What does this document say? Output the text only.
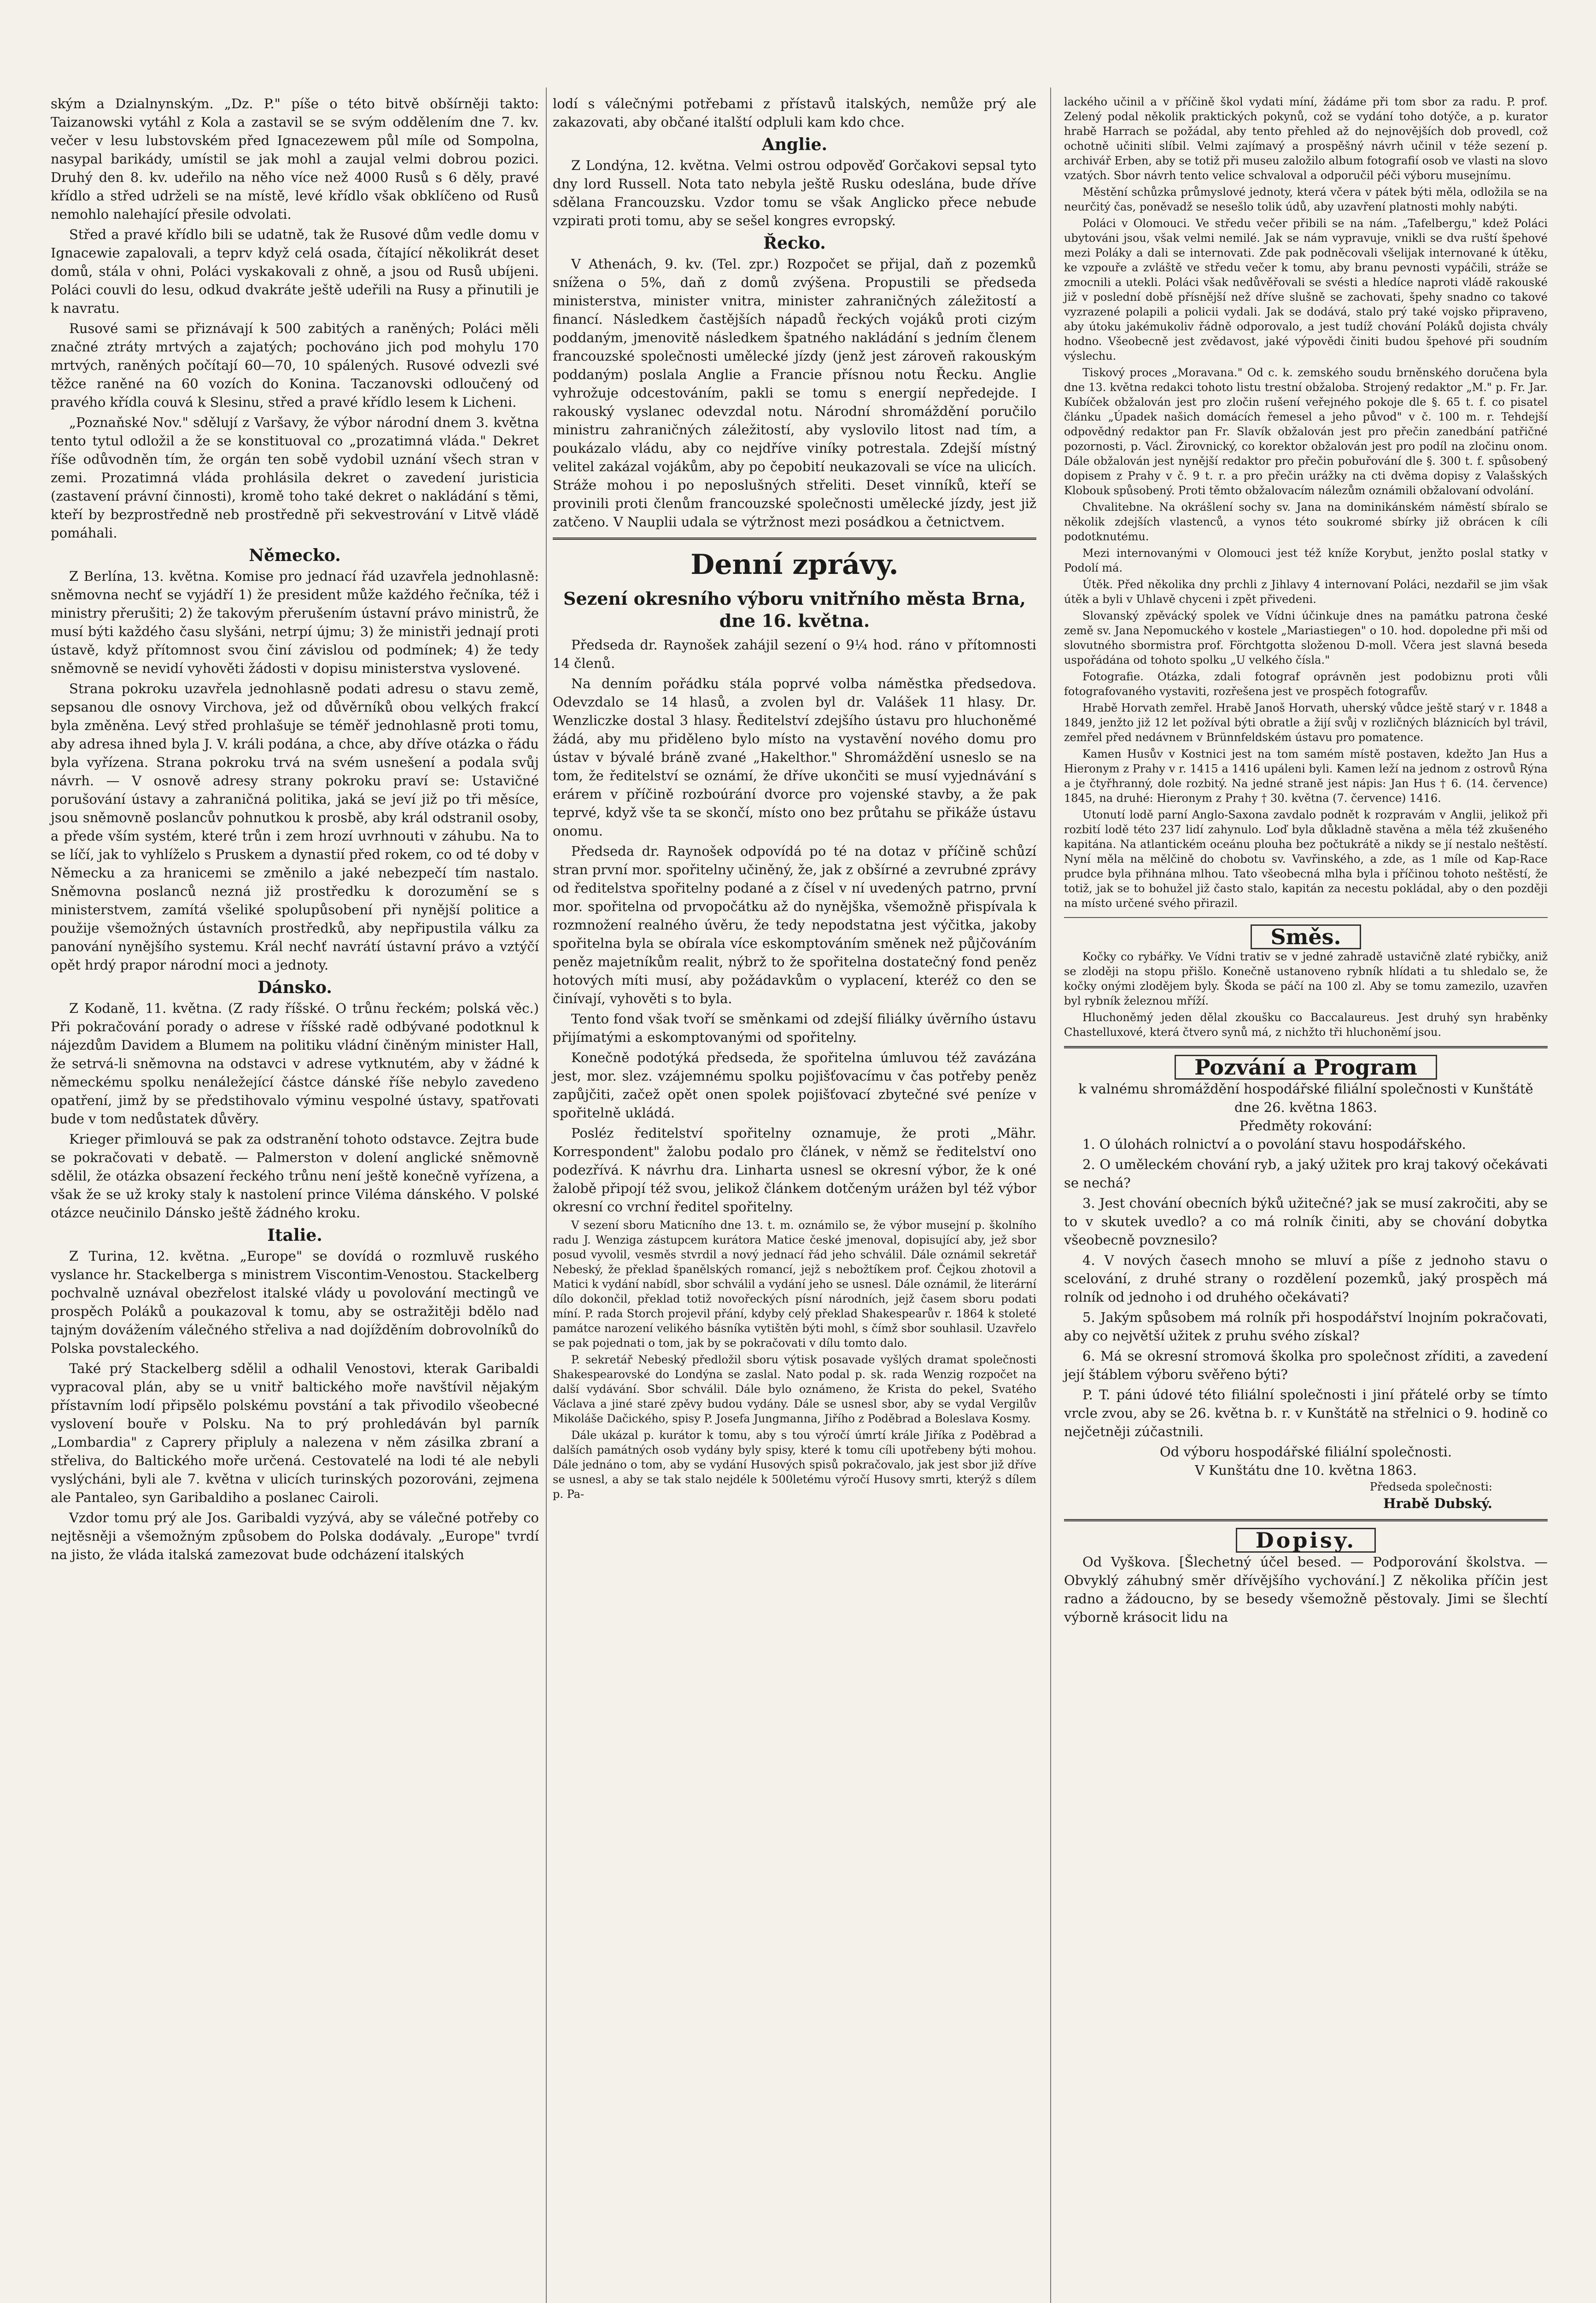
ským a Dzialnynským. „Dz. P." píše o této bitvě obšírněji takto: Taizanowski vytáhl z Kola a zastavil se se svým oddělením dne 7. kv. večer v lesu lubstovském před Ignacezewem půl míle od Sompolna, nasypal barikády, umístil se jak mohl a zaujal velmi dobrou pozici. Druhý den 8. kv. udeřilo na něho více než 4000 Rusů s 6 děly, pravé křídlo a střed udrželi se na místě, levé křídlo však obklíčeno od Rusů nemohlo nalehající přesile odvolati.

Střed a pravé křídlo bili se udatně, tak že Rusové dům vedle domu v Ignacewie zapalovali, a teprv když celá osada, čítající několikrát deset domů, stála v ohni, Poláci vyskakovali z ohně, a jsou od Rusů ubíjeni. Poláci couvli do lesu, odkud dvakráte ještě udeřili na Rusy a přinutili je k navratu.

Rusové sami se přiznávají k 500 zabitých a raněných; Poláci měli značné ztráty mrtvých a zajatých; pochováno jich pod mohylu 170 mrtvých, raněných počítají 60—70, 10 spálených. Rusové odvezli své těžce raněné na 60 vozích do Konina. Taczanovski odloučený od pravého křídla couvá k Slesinu, střed a pravé křídlo lesem k Licheni.

„Poznaňské Nov." sdělují z Varšavy, že výbor národní dnem 3. května tento tytul odložil a že se konstituoval co „prozatimná vláda." Dekret říše odůvodněn tím, že orgán ten sobě vydobil uznání všech stran v zemi. Prozatimná vláda prohlásila dekret o zavedení juristicia (zastavení právní činnosti), kromě toho také dekret o nakládání s těmi, kteří by bezprostředně neb prostředně při sekvestrování v Litvě vládě pomáhali.

Německo.

Z Berlína, 13. května. Komise pro jednací řád uzavřela jednohlasně: sněmovna nechť se vyjádří 1) že president může každého řečníka, též i ministry přerušiti; 2) že takovým přerušením ústavní právo ministrů, že musí býti každého času slyšáni, netrpí újmu; 3) že ministři jednají proti ústavě, když přítomnost svou činí závislou od podmínek; 4) že tedy sněmovně se nevidí vyhověti žádosti v dopisu ministerstva vyslovené.

Strana pokroku uzavřela jednohlasně podati adresu o stavu země, sepsanou dle osnovy Virchova, jež od důvěrníků obou velkých frakcí byla změněna. Levý střed prohlašuje se téměř jednohlasně proti tomu, aby adresa ihned byla J. V. králi podána, a chce, aby dříve otázka o řádu byla vyřízena. Strana pokroku trvá na svém usnešení a podala svůj návrh. — V osnově adresy strany pokroku praví se: Ustavičné porušování ústavy a zahraničná politika, jaká se jeví již po tři měsíce, jsou sněmovně poslancův pohnutkou k prosbě, aby král odstranil osoby, a přede vším systém, které trůn i zem hrozí uvrhnouti v záhubu. Na to se líčí, jak to vyhlíželo s Pruskem a dynastií před rokem, co od té doby v Německu a za hranicemi se změnilo a jaké nebezpečí tím nastalo. Sněmovna poslanců nezná již prostředku k dorozumění se s ministerstvem, zamítá všeliké spolupůsobení při nynější politice a použije všemožných ústavních prostředků, aby nepřipustila válku za panování nynějšího systemu. Král nechť navrátí ústavní právo a vztýčí opět hrdý prapor národní moci a jednoty.

Dánsko.

Z Kodaně, 11. května. (Z rady říšské. O trůnu řeckém; polská věc.) Při pokračování porady o adrese v říšské radě odbývané podotknul k nájezdům Davidem a Blumem na politiku vládní činěným minister Hall, že setrvá-li sněmovna na odstavci v adrese vytknutém, aby v žádné k německému spolku nenáležející částce dánské říše nebylo zavedeno opatření, jimž by se předstihovalo výminu vespolné ústavy, spatřovati bude v tom nedůstatek důvěry.

Krieger přimlouvá se pak za odstranění tohoto odstavce. Zejtra bude se pokračovati v debatě. — Palmerston v dolení anglické sněmovně sdělil, že otázka obsazení řeckého trůnu není ještě konečně vyřízena, a však že se už kroky staly k nastolení prince Viléma dánského. V polské otázce neučinilo Dánsko ještě žádného kroku.

Italie.

Z Turina, 12. května. „Europe" se dovídá o rozmluvě ruského vyslance hr. Stackelberga s ministrem Viscontim-Venostou. Stackelberg pochvalně uznával obezřelost italské vlády u povolování mectingů ve prospěch Poláků a poukazoval k tomu, aby se ostražitěji bdělo nad tajným dovážením válečného střeliva a nad dojížděním dobrovolníků do Polska povstaleckého.

Také prý Stackelberg sdělil a odhalil Venostovi, kterak Garibaldi vypracoval plán, aby se u vnitř baltického moře navštívil nějakým přístavním lodí připsělo polskému povstání a tak přivodilo všeobecné vyslovení bouře v Polsku. Na to prý prohledáván byl parník „Lombardia" z Caprery připluly a nalezena v něm zásilka zbraní a střeliva, do Baltického moře určená. Cestovatelé na lodi té ale nebyli vyslýcháni, byli ale 7. května v ulicích turinských pozorováni, zejmena ale Pantaleo, syn Garibaldiho a poslanec Cairoli.

Vzdor tomu prý ale Jos. Garibaldi vyzývá, aby se válečné potřeby co nejtěsněji a všemožným způsobem do Polska dodávaly. „Europe" tvrdí na jisto, že vláda italská zamezovat bude odcházení italských

lodí s válečnými potřebami z přístavů italských, nemůže prý ale zakazovati, aby občané italští odpluli kam kdo chce.

Anglie.

Z Londýna, 12. května. Velmi ostrou odpověď Gorčakovi sepsal tyto dny lord Russell. Nota tato nebyla ještě Rusku odeslána, bude dříve sdělana Francouzsku. Vzdor tomu se však Anglicko přece nebude vzpirati proti tomu, aby se sešel kongres evropský.

Řecko.

V Athenách, 9. kv. (Tel. zpr.) Rozpočet se přijal, daň z pozemků snížena o 5%, daň z domů zvýšena. Propustili se předseda ministerstva, minister vnitra, minister zahraničných záležitostí a financí. Následkem častějších nápadů řeckých vojáků proti cizým poddaným, jmenovitě následkem špatného nakládání s jedním členem francouzské společnosti umělecké jízdy (jenž jest zároveň rakouským poddaným) poslala Anglie a Francie přísnou notu Řecku. Anglie vyhrožuje odcestováním, pakli se tomu s energií nepředejde. I rakouský vyslanec odevzdal notu. Národní shromáždění poručilo ministru zahraničných záležitostí, aby vyslovilo litost nad tím, a poukázalo vládu, aby co nejdříve viníky potrestala. Zdejší místný velitel zakázal vojákům, aby po čepobití neukazovali se více na ulicích. Stráže mohou i po neposlušných střeliti. Deset vinníků, kteří se provinili proti členům francouzské společnosti umělecké jízdy, jest již zatčeno. V Nauplii udala se výtržnost mezi posádkou a četnictvem.

Denní zprávy.
Sezení okresního výboru vnitřního města Brna, dne 16. května.

Předseda dr. Raynošek zahájil sezení o 9¼ hod. ráno v přítomnosti 14 členů.

Na denním pořádku stála poprvé volba náměstka předsedova. Odevzdalo se 14 hlasů, a zvolen byl dr. Valášek 11 hlasy. Dr. Wenzliczke dostal 3 hlasy. Ředitelství zdejšího ústavu pro hluchoněmé žádá, aby mu přiděleno bylo místo na vystavění nového domu pro ústav v bývalé bráně zvané „Hakelthor." Shromáždění usneslo se na tom, že ředitelství se oznámí, že dříve ukončiti se musí vyjednávání s erárem v příčině rozboúrání dvorce pro vojenské stavby, a že pak teprvé, když vše ta se skončí, místo ono bez průtahu se přikáže ústavu onomu.

Předseda dr. Raynošek odpovídá po té na dotaz v příčině schůzí stran první mor. spořitelny učiněný, že, jak z obšírné a zevrubné zprávy od ředitelstva spořitelny podané a z čísel v ní uvedených patrno, první mor. spořitelna od prvopočátku až do nynějška, všemožně přispívala k rozmnožení realného úvěru, že tedy nepodstatna jest výčitka, jakoby spořitelna byla se obírala více eskomptováním směnek než půjčováním peněz majetníkům realit, nýbrž to že spořitelna dostatečný fond peněz hotových míti musí, aby požádavkům o vyplacení, kteréž co den se činívají, vyhověti s to byla.

Tento fond však tvoří se směnkami od zdejší filiálky úvěrního ústavu přijímatými a eskomptovanými od spořitelny.

Konečně podotýká předseda, že spořitelna úmluvou též zavázána jest, mor. slez. vzájemnému spolku pojišťovacímu v čas potřeby peněz zapůjčiti, začež opět onen spolek pojišťovací zbytečné své peníze v spořitelně ukládá.

Posléz ředitelství spořitelny oznamuje, že proti „Mähr. Korrespondent" žalobu podalo pro článek, v němž se ředitelství ono podezřívá. K návrhu dra. Linharta usnesl se okresní výbor, že k oné žalobě připojí též svou, jelikož článkem dotčeným urážen byl též výbor okresní co vrchní ředitel spořitelny.

V sezení sboru Maticního dne 13. t. m. oznámilo se, že výbor musejní p. školního radu J. Wenziga zástupcem kurátora Matice české jmenoval, dopisující aby, jež sbor posud vyvolil, vesměs stvrdil a nový jednací řád jeho schválil. Dále oznámil sekretář Nebeský, že překlad španělských romancí, jejž s nebožtíkem prof. Čejkou zhotovil a Matici k vydání nabídl, sbor schválil a vydání jeho se usnesl. Dále oznámil, že literární dílo dokončil, překlad totiž novořeckých písní národních, jejž časem sboru podati míní. P. rada Storch projevil přání, kdyby celý překlad Shakespearův r. 1864 k stoleté památce narození velikého básníka vytištěn býti mohl, s čímž sbor souhlasil. Uzavřelo se pak pojednati o tom, jak by se pokračovati v dílu tomto dalo.

P. sekretář Nebeský předložil sboru výtisk posavade vyšlých dramat společnosti Shakespearovské do Londýna se zaslal. Nato podal p. sk. rada Wenzig rozpočet na další vydávání. Sbor schválil. Dále bylo oznámeno, že Krista do pekel, Svatého Václava a jiné staré zpěvy budou vydány. Dále se usnesl sbor, aby se vydal Vergilův Mikoláše Dačického, spisy P. Josefa Jungmanna, Jiřího z Poděbrad a Boleslava Kosmy.

Dále ukázal p. kurátor k tomu, aby s tou výročí úmrtí krále Jiříka z Poděbrad a dalších památných osob vydány byly spisy, které k tomu cíli upotřebeny býti mohou. Dále jednáno o tom, aby se vydání Husových spisů pokračovalo, jak jest sbor již dříve se usnesl, a aby se tak stalo nejdéle k 500letému výročí Husovy smrti, kterýž s dílem p. Pa-

lackého učinil a v příčině škol vydati míní, žádáme při tom sbor za radu. P. prof. Zelený podal několik praktických pokynů, což se vydání toho dotýče, a p. kurator hrabě Harrach se požádal, aby tento přehled až do nejnovějších dob provedl, což ochotně učiniti slíbil. Velmi zajímavý a prospěšný návrh učinil v téže sezení p. archivář Erben, aby se totiž při museu založilo album fotografií osob ve vlasti na slovo vzatých. Sbor návrh tento velice schvaloval a odporučil péči výboru musejnímu.

Městění schůzka průmyslové jednoty, která včera v pátek býti měla, odložila se na neurčitý čas, poněvadž se nesešlo tolik údů, aby uzavření platnosti mohly nabýti.

Poláci v Olomouci. Ve středu večer přibili se na nám. „Tafelbergu," kdež Poláci ubytováni jsou, však velmi nemilé. Jak se nám vypravuje, vnikli se dva ruští špehové mezi Poláky a dali se internovati. Zde pak podněcovali všelijak internované k útěku, ke vzpouře a zvláště ve středu večer k tomu, aby branu pevnosti vypáčili, stráže se zmocnili a utekli. Poláci však nedůvěřovali se svésti a hledíce naproti vládě rakouské již v poslední době přísnější než dříve slušně se zachovati, špehy snadno co takové vyzrazené polapili a policii vydali. Jak se dodává, stalo prý také vojsko připraveno, aby útoku jakémukoliv řádně odporovalo, a jest tudíž chování Poláků dojista chvály hodno. Všeobecně jest zvědavost, jaké výpovědi činiti budou špehové při soudním výslechu.

Tiskový proces „Moravana." Od c. k. zemského soudu brněnského doručena byla dne 13. května redakci tohoto listu trestní obžaloba. Strojený redaktor „M." p. Fr. Jar. Kubíček obžalován jest pro zločin rušení veřejného pokoje dle §. 65 t. f. co pisatel článku „Úpadek našich domácích řemesel a jeho původ" v č. 100 m. r. Tehdejší odpovědný redaktor pan Fr. Slavík obžalován jest pro přečin zanedbání patřičné pozornosti, p. Václ. Žirovnický, co korektor obžalován jest pro podíl na zločinu onom. Dále obžalován jest nynější redaktor pro přečin pobuřování dle §. 300 t. f. spůsobený dopisem z Prahy v č. 9 t. r. a pro přečin urážky na cti dvěma dopisy z Valašských Klobouk spůsobený. Proti těmto obžalovacím nálezům oznámili obžalovaní odvolání.

Chvalitebne. Na okrášlení sochy sv. Jana na dominikánském náměstí sbíralo se několik zdejších vlastenců, a vynos této soukromé sbírky již obrácen k cíli podotknutému.

Mezi internovanými v Olomouci jest též kníže Korybut, jenžto poslal statky v Podolí má.

Útěk. Před několika dny prchli z Jihlavy 4 internovaní Poláci, nezdařil se jim však útěk a byli v Uhlavě chyceni i zpět přivedeni.

Slovanský zpěvácký spolek ve Vídni účinkuje dnes na památku patrona české země sv. Jana Nepomuckého v kostele „Mariastiegen" o 10. hod. dopoledne při mši od slovutného sbormistra prof. Förchtgotta složenou D-moll. Včera jest slavná beseda uspořádána od tohoto spolku „U velkého čísla."

Fotografie. Otázka, zdali fotograf oprávněn jest podobiznu proti vůli fotografovaného vystaviti, rozřešena jest ve prospěch fotografův.

Hrabě Horvath zemřel. Hrabě Janoš Horvath, uherský vůdce ještě starý v r. 1848 a 1849, jenžto již 12 let požíval býti obratle a žijí svůj v rozličných bláznicích byl trávil, zemřel před nedávnem v Brünnfeldském ústavu pro pomatence.

Kamen Husův v Kostnici jest na tom samém místě postaven, kdežto Jan Hus a Hieronym z Prahy v r. 1415 a 1416 upáleni byli. Kamen leží na jednom z ostrovů Rýna a je čtyřhranný, dole rozbitý. Na jedné straně jest nápis: Jan Hus † 6. (14. července) 1845, na druhé: Hieronym z Prahy † 30. května (7. července) 1416.

Utonutí lodě parní Anglo-Saxona zavdalo podnět k rozpravám v Anglii, jelikož při rozbití lodě této 237 lidí zahynulo. Loď byla důkladně stavěna a měla též zkušeného kapitána. Na atlantickém oceánu plouha bez počtukrátě a nikdy se jí nestalo neštěstí. Nyní měla na mělčině do chobotu sv. Vavřinského, a zde, as 1 míle od Kap-Race prudce byla přihnána mlhou. Tato všeobecná mlha byla i příčinou tohoto neštěstí, že totiž, jak se to bohužel již často stalo, kapitán za necestu pokládal, aby o den později na místo určené svého přirazil.

Směs.

Kočky co rybářky. Ve Vídni trativ se v jedné zahradě ustavičně zlaté rybičky, aniž se zloději na stopu přišlo. Konečně ustanoveno rybník hlídati a tu shledalo se, že kočky onými zlodějem byly. Škoda se páčí na 100 zl. Aby se tomu zamezilo, uzavřen byl rybník železnou mříží.

Hluchoněmý jeden dělal zkoušku co Baccalaureus. Jest druhý syn hraběnky Chastelluxové, která čtvero synů má, z nichžto tři hluchoněmí jsou.

Pozvání a Program
k valnému shromáždění hospodářské filiální společnosti v Kunštátě dne 26. května 1863.
Předměty rokování:

1. O úlohách rolnictví a o povolání stavu hospodářského.

2. O uměleckém chování ryb, a jaký užitek pro kraj takový očekávati se nechá?

3. Jest chování obecních býků užitečné? jak se musí zakročiti, aby se to v skutek uvedlo? a co má rolník činiti, aby se chování dobytka všeobecně povznesilo?

4. V nových časech mnoho se mluví a píše z jednoho stavu o scelování, z druhé strany o rozdělení pozemků, jaký prospěch má rolník od jednoho i od druhého očekávati?

5. Jakým spůsobem má rolník při hospodářství lnojním pokračovati, aby co největší užitek z pruhu svého získal?

6. Má se okresní stromová školka pro společnost zříditi, a zavedení její štáblem výboru svěřeno býti?

P. T. páni údové této filiální společnosti i jiní přátelé orby se tímto vrcle zvou, aby se 26. května b. r. v Kunštátě na střelnici o 9. hodině co nejčetněji zúčastnili.

Od výboru hospodářské filiální společnosti.
V Kunštátu dne 10. května 1863.
Předseda společnosti:
Hrabě Dubský.
Dopisy.

Od Vyškova. [Šlechetný účel besed. — Podporování školstva. — Obvyklý záhubný směr dřívějšího vychování.] Z několika příčin jest radno a žádoucno, by se besedy všemožně pěstovaly. Jimi se šlechtí výborně krásocit lidu na
